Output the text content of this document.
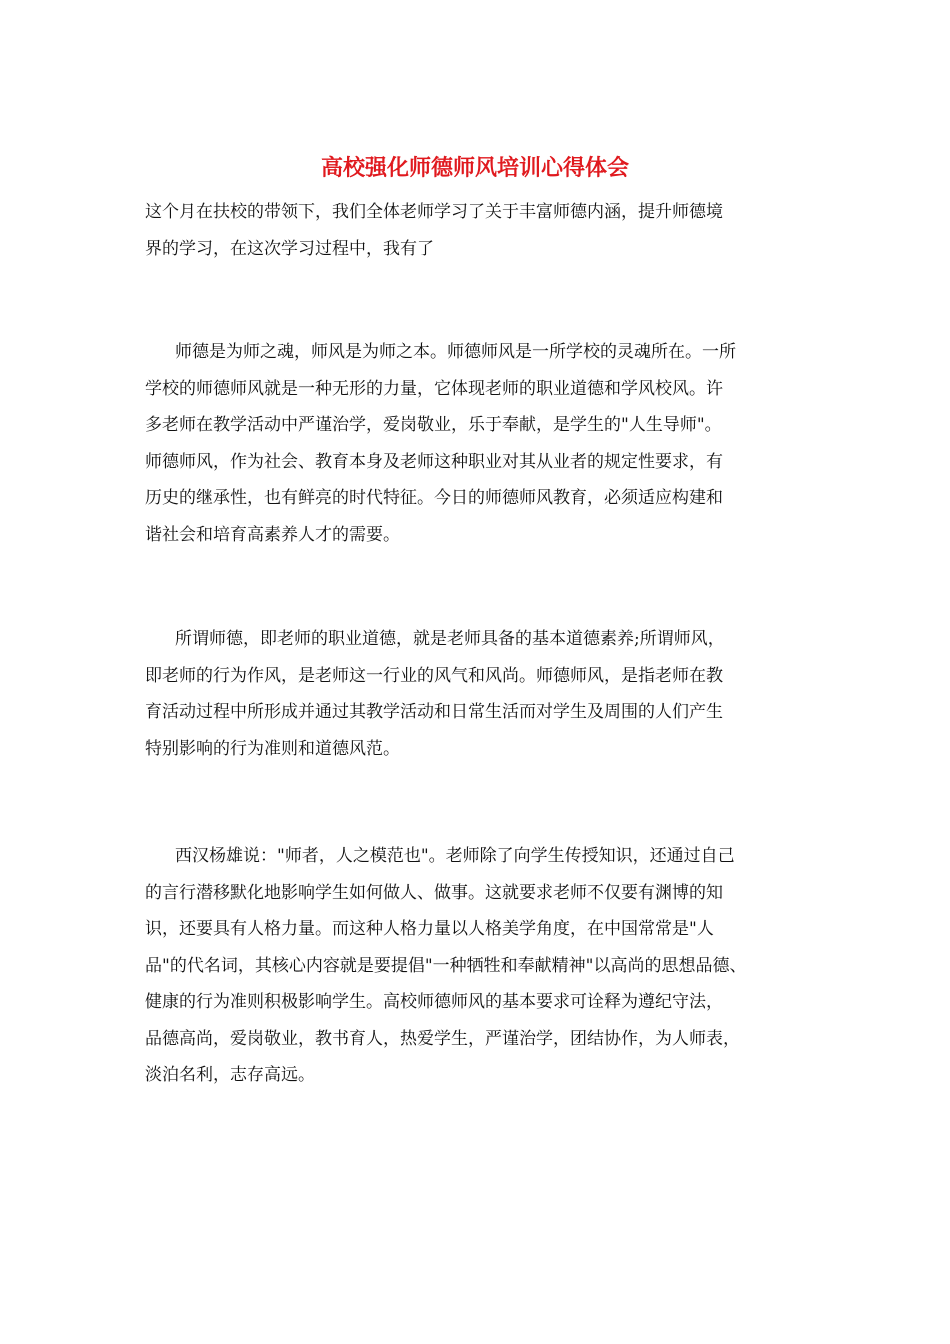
高校强化师德师风培训心得体会

这个月在扶校的带领下，我们全体老师学习了关于丰富师德内涵，提升师德境
界的学习，在这次学习过程中，我有了

师德是为师之魂，师风是为师之本。师德师风是一所学校的灵魂所在。一所
学校的师德师风就是一种无形的力量，它体现老师的职业道德和学风校风。许
多老师在教学活动中严谨治学，爱岗敬业，乐于奉献，是学生的"人生导师"。
师德师风，作为社会、教育本身及老师这种职业对其从业者的规定性要求，有
历史的继承性，也有鲜亮的时代特征。今日的师德师风教育，必须适应构建和
谐社会和培育高素养人才的需要。

所谓师德，即老师的职业道德，就是老师具备的基本道德素养;所谓师风，
即老师的行为作风，是老师这一行业的风气和风尚。师德师风，是指老师在教
育活动过程中所形成并通过其教学活动和日常生活而对学生及周围的人们产生
特别影响的行为准则和道德风范。

西汉杨雄说："师者，人之模范也"。老师除了向学生传授知识，还通过自己
的言行潜移默化地影响学生如何做人、做事。这就要求老师不仅要有渊博的知
识，还要具有人格力量。而这种人格力量以人格美学角度，在中国常常是"人
品"的代名词，其核心内容就是要提倡"一种牺牲和奉献精神"以高尚的思想品德、
健康的行为准则积极影响学生。高校师德师风的基本要求可诠释为遵纪守法，
品德高尚，爱岗敬业，教书育人，热爱学生，严谨治学，团结协作，为人师表，
淡泊名利，志存高远。
